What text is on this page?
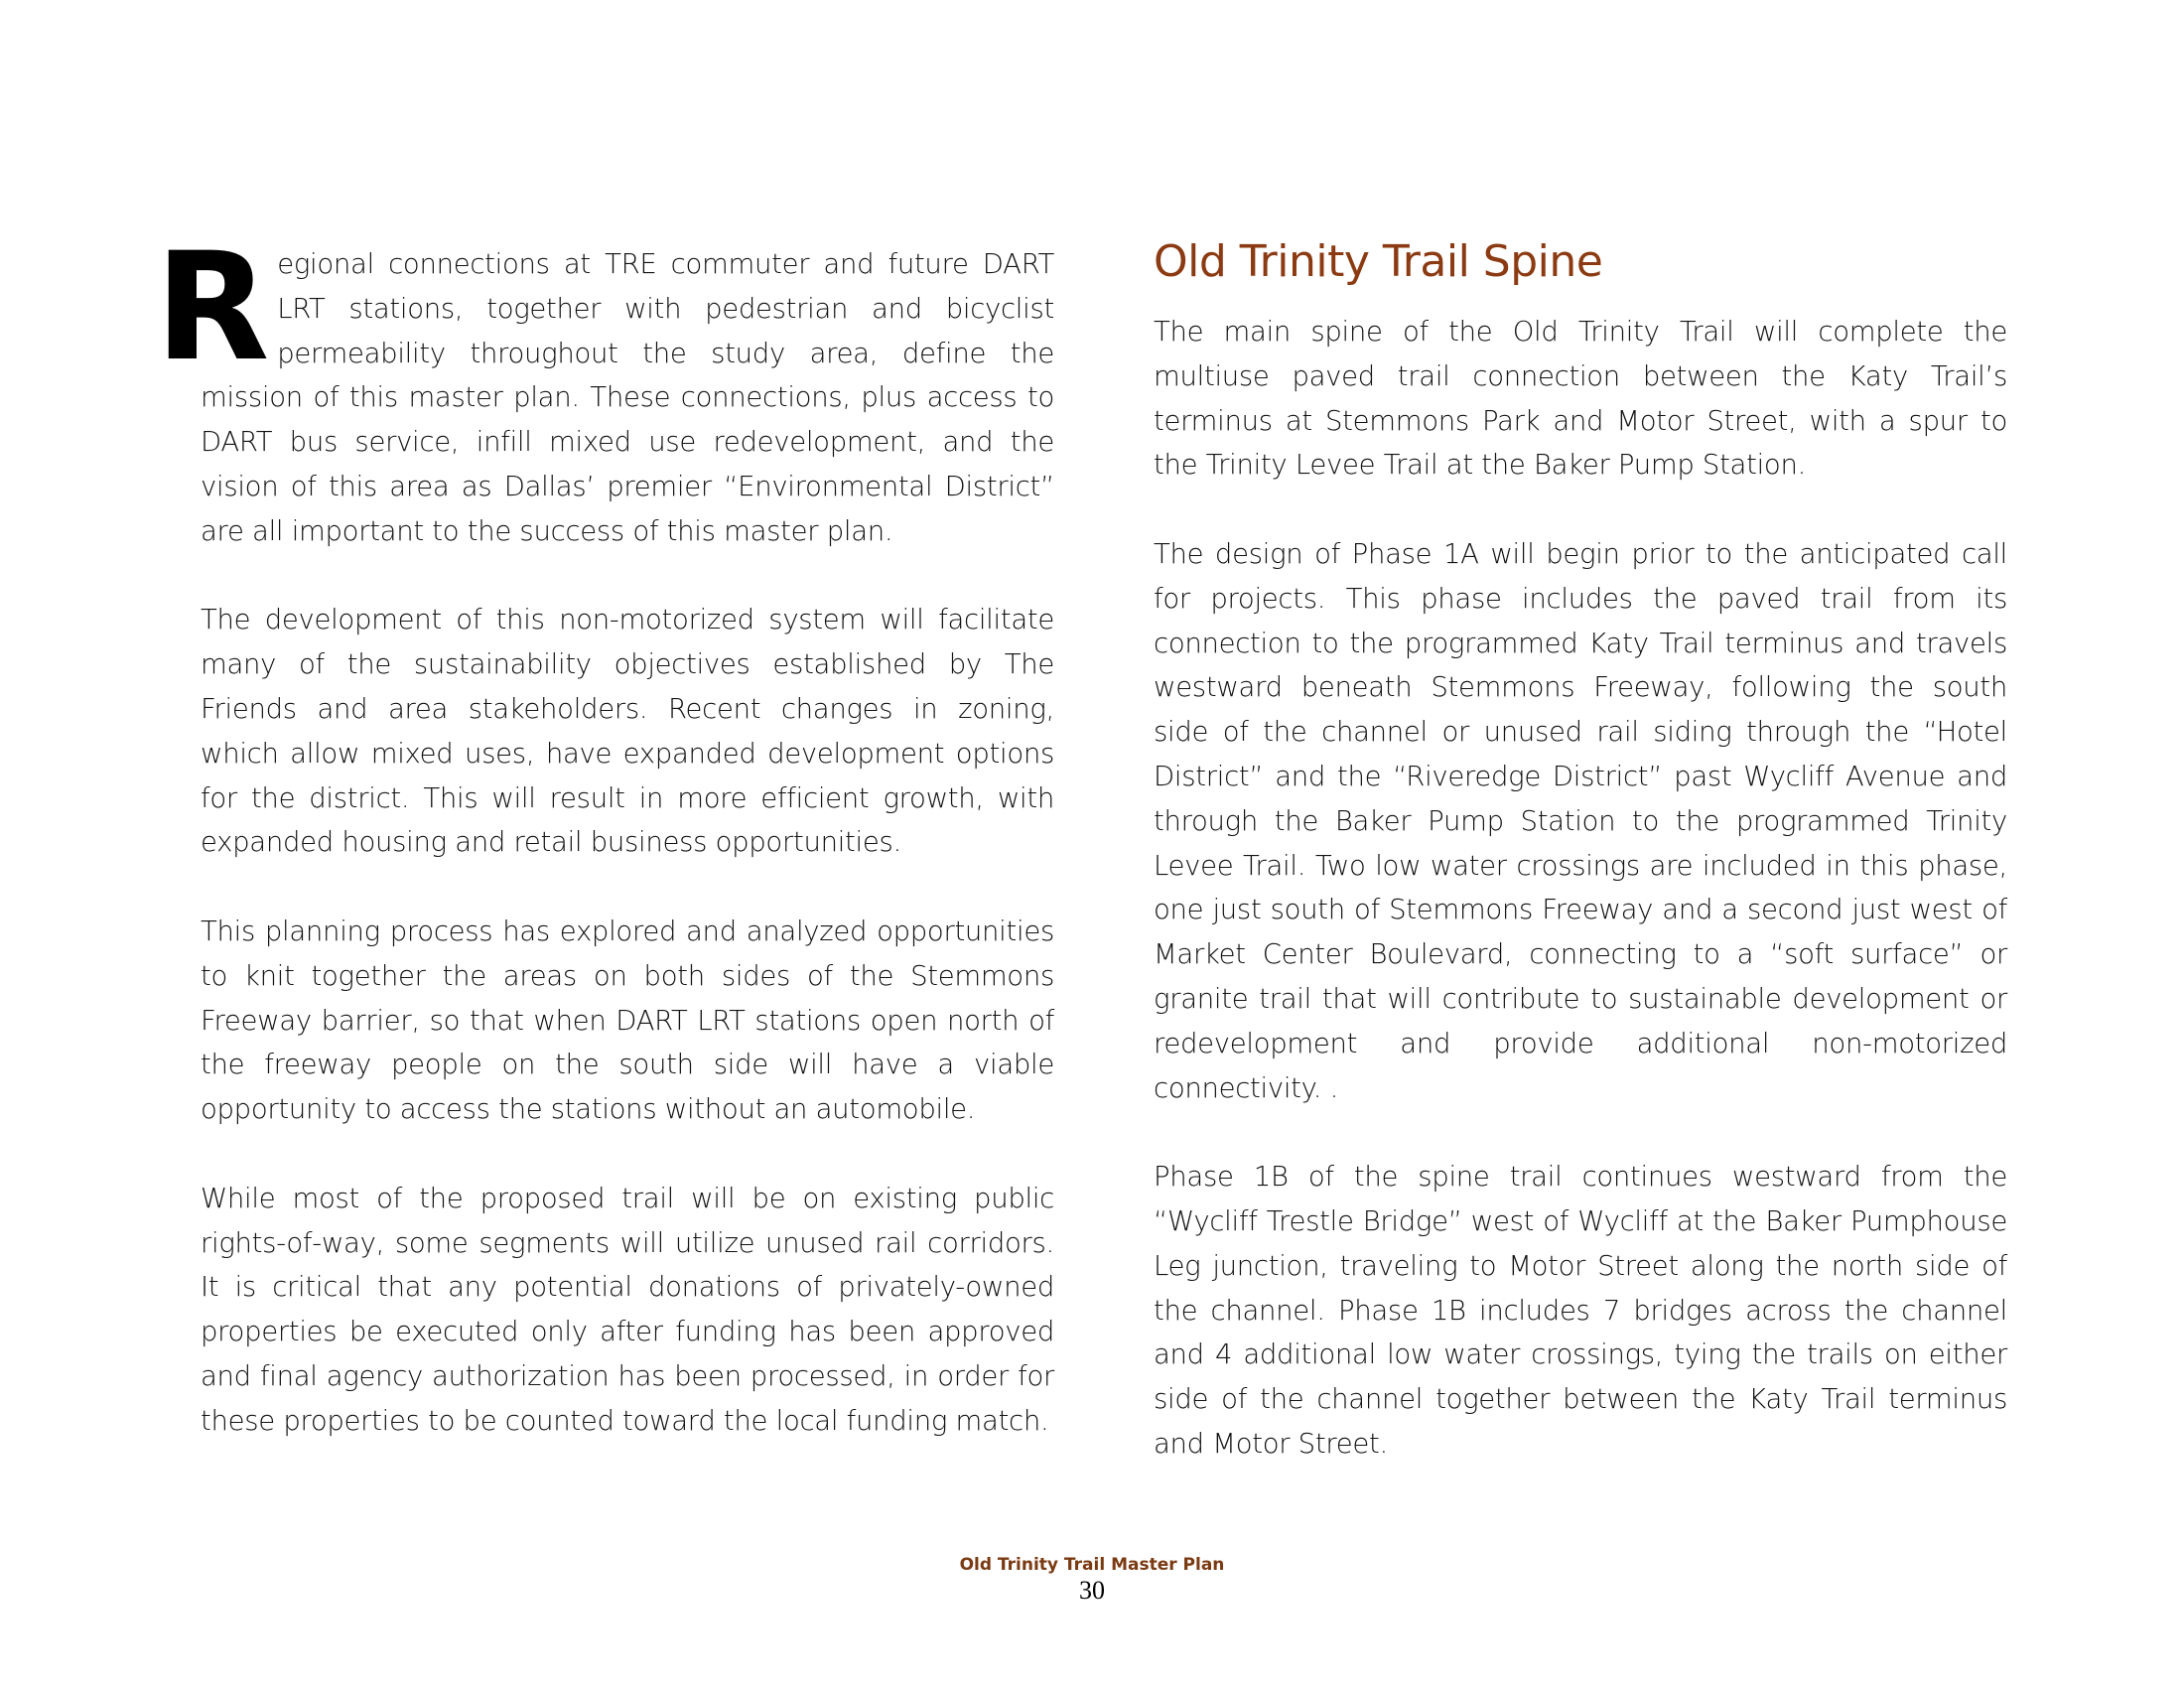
Regional connections at TRE commuter and future DART LRT stations, together with pedestrian and bicyclist permeability throughout the study area, define the mission of this master plan. These connections, plus access to DART bus service, infill mixed use redevelopment, and the vision of this area as Dallas’ premier “Environmental District” are all important to the success of this master plan.

The development of this non-motorized system will facilitate many of the sustainability objectives established by The Friends and area stakeholders. Recent changes in zoning, which allow mixed uses, have expanded development options for the district. This will result in more efficient growth, with expanded housing and retail business opportunities.

This planning process has explored and analyzed opportunities to knit together the areas on both sides of the Stemmons Freeway barrier, so that when DART LRT stations open north of the freeway people on the south side will have a viable opportunity to access the stations without an automobile.

While most of the proposed trail will be on existing public rights-of-way, some segments will utilize unused rail corridors. It is critical that any potential donations of privately-owned properties be executed only after funding has been approved and final agency authorization has been processed, in order for these properties to be counted toward the local funding match.

Old Trinity Trail Spine

The main spine of the Old Trinity Trail will complete the multiuse paved trail connection between the Katy Trail’s terminus at Stemmons Park and Motor Street, with a spur to the Trinity Levee Trail at the Baker Pump Station.

The design of Phase 1A will begin prior to the anticipated call for projects. This phase includes the paved trail from its connection to the programmed Katy Trail terminus and travels westward beneath Stemmons Freeway, following the south side of the channel or unused rail siding through the “Hotel District” and the “Riveredge District” past Wycliff Avenue and through the Baker Pump Station to the programmed Trinity Levee Trail. Two low water crossings are included in this phase, one just south of Stemmons Freeway and a second just west of Market Center Boulevard, connecting to a “soft surface” or granite trail that will contribute to sustainable development or redevelopment and provide additional non-motorized connectivity. .

Phase 1B of the spine trail continues westward from the “Wycliff Trestle Bridge” west of Wycliff at the Baker Pumphouse Leg junction, traveling to Motor Street along the north side of the channel. Phase 1B includes 7 bridges across the channel and 4 additional low water crossings, tying the trails on either side of the channel together between the Katy Trail terminus and Motor Street.

Old Trinity Trail Master Plan
30
